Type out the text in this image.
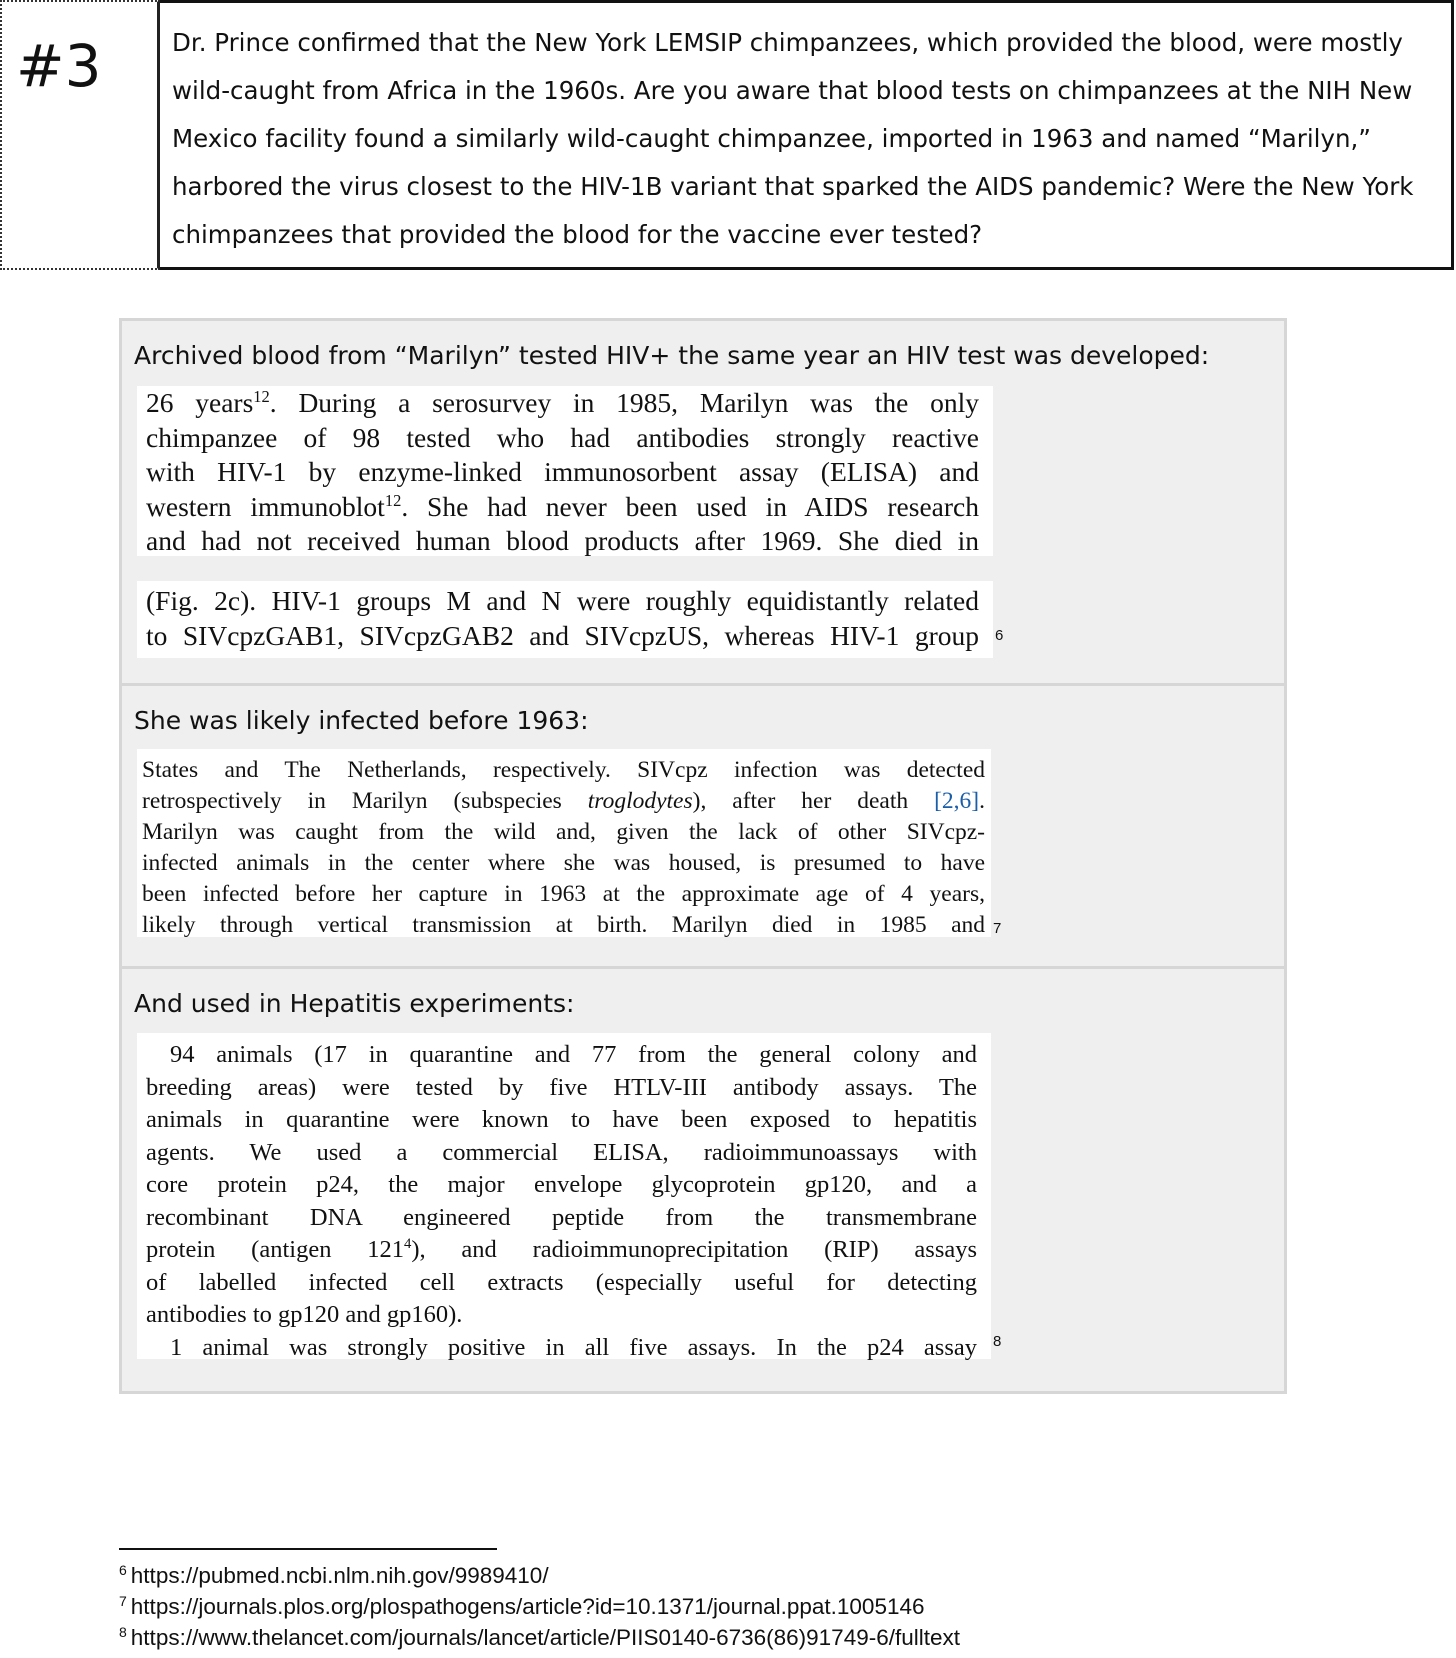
#3	Dr. Prince confirmed that the New York LEMSIP chimpanzees, which provided the blood, were mostly wild-caught from Africa in the 1960s. Are you aware that blood tests on chimpanzees at the NIH New Mexico facility found a similarly wild-caught chimpanzee, imported in 1963 and named “Marilyn,” harbored the virus closest to the HIV-1B variant that sparked the AIDS pandemic? Were the New York chimpanzees that provided the blood for the vaccine ever tested?
Archived blood from “Marilyn” tested HIV+ the same year an HIV test was developed:
26 years$^{12}$. During a serosurvey in 1985, Marilyn was the only
chimpanzee of 98 tested who had antibodies strongly reactive
with HIV-1 by enzyme-linked immunosorbent assay (ELISA) and
western immunoblot$^{12}$. She had never been used in AIDS research
and had not received human blood products after 1969. She died in
(Fig. 2c). HIV-1 groups M and N were roughly equidistantly related
to SIVcpzGAB1, SIVcpzGAB2 and SIVcpzUS, whereas HIV-1 group 6
She was likely infected before 1963:
States and The Netherlands, respectively. SIVcpz infection was detected
retrospectively in Marilyn (subspecies troglodytes), after her death [2,6].
Marilyn was caught from the wild and, given the lack of other SIVcpz-
infected animals in the center where she was housed, is presumed to have
been infected before her capture in 1963 at the approximate age of 4 years,
likely through vertical transmission at birth. Marilyn died in 1985 and 7
And used in Hepatitis experiments:
94 animals (17 in quarantine and 77 from the general colony and
breeding areas) were tested by five HTLV-III antibody assays. The
animals in quarantine were known to have been exposed to hepatitis
agents. We used a commercial ELISA, radioimmunoassays with
core protein p24, the major envelope glycoprotein gp120, and a
recombinant DNA engineered peptide from the transmembrane
protein (antigen $121^4$), and radioimmunoprecipitation (RIP) assays
of labelled infected cell extracts (especially useful for detecting
antibodies to gp120 and gp160).
1 animal was strongly positive in all five assays. In the p24 assay 8
$^6$ https://pubmed.ncbi.nlm.nih.gov/9989410/
$^7$ https://journals.plos.org/plospathogens/article?id=10.1371/journal.ppat.1005146
$^8$ https://www.thelancet.com/journals/lancet/article/PIIS0140-6736(86)91749-6/fulltext
